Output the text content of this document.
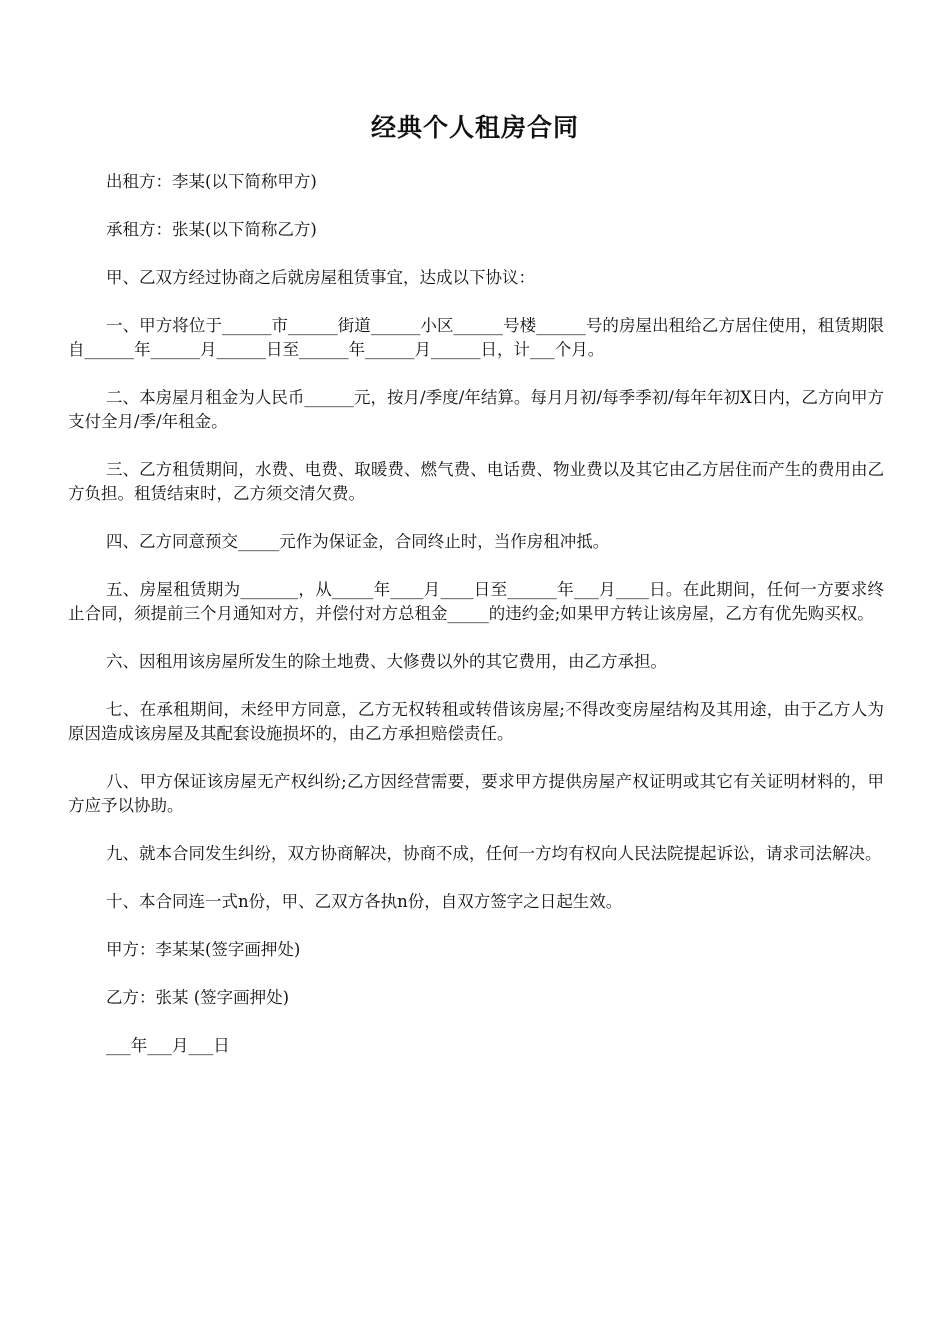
经典个人租房合同

出租方：李某(以下简称甲方)

承租方：张某(以下简称乙方)

甲、乙双方经过协商之后就房屋租赁事宜，达成以下协议：

一、甲方将位于______市______街道______小区______号楼______号的房屋出租给乙方居住使用，租赁期限自______年______月______日至______年______月______日，计___个月。

二、本房屋月租金为人民币______元，按月/季度/年结算。每月月初/每季季初/每年年初X日内，乙方向甲方支付全月/季/年租金。

三、乙方租赁期间，水费、电费、取暖费、燃气费、电话费、物业费以及其它由乙方居住而产生的费用由乙方负担。租赁结束时，乙方须交清欠费。

四、乙方同意预交_____元作为保证金，合同终止时，当作房租冲抵。

五、房屋租赁期为_______，从_____年____月____日至______年___月____日。在此期间，任何一方要求终止合同，须提前三个月通知对方，并偿付对方总租金_____的违约金;如果甲方转让该房屋，乙方有优先购买权。

六、因租用该房屋所发生的除土地费、大修费以外的其它费用，由乙方承担。

七、在承租期间，未经甲方同意，乙方无权转租或转借该房屋;不得改变房屋结构及其用途，由于乙方人为原因造成该房屋及其配套设施损坏的，由乙方承担赔偿责任。

八、甲方保证该房屋无产权纠纷;乙方因经营需要，要求甲方提供房屋产权证明或其它有关证明材料的，甲方应予以协助。

九、就本合同发生纠纷，双方协商解决，协商不成，任何一方均有权向人民法院提起诉讼，请求司法解决。

十、本合同连一式n份，甲、乙双方各执n份，自双方签字之日起生效。

甲方：李某某(签字画押处)

乙方：张某 (签字画押处)

___年___月___日
